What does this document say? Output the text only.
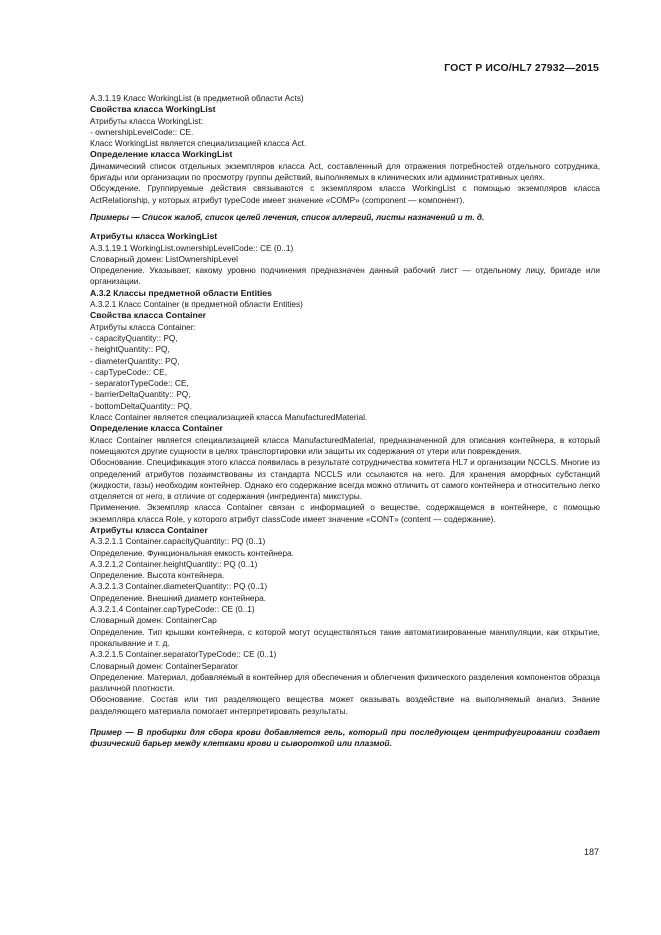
ГОСТ Р ИСО/HL7 27932—2015

A.3.1.19 Класс WorkingList (в предметной области Acts)

Свойства класса WorkingList

Атрибуты класса WorkingList:

- ownershipLevelCode:: CE.

Класс WorkingList является специализацией класса Act.

Определение класса WorkingList

Динамический список отдельных экземпляров класса Act, составленный для отражения потребностей отдельного сотрудника, бригады или организации по просмотру группы действий, выполняемых в клинических или административных целях.

Обсуждение. Группируемые действия связываются с экземпляром класса WorkingList с помощью экземпляров класса ActRelationship, у которых атрибут typeCode имеет значение «COMP» (component — компонент).

Примеры — Список жалоб, список целей лечения, список аллергий, листы назначений и т. д.

Атрибуты класса WorkingList

A.3.1.19.1 WorkingList.ownershipLevelCode:: CE (0..1)

Словарный домен: ListOwnershipLevel

Определение. Указывает, какому уровню подчинения предназначен данный рабочий лист — отдельному лицу, бригаде или организации.

A.3.2 Классы предметной области Entities

A.3.2.1 Класс Container (в предметной области Entities)

Свойства класса Container

Атрибуты класса Container:

- capacityQuantity:: PQ,

- heightQuantity:: PQ,

- diameterQuantity:: PQ,

- capTypeCode:: CE,

- separatorTypeCode:: CE,

- barrierDeltaQuantity:: PQ,

- bottomDeltaQuantity:: PQ.

Класс Container является специализацией класса ManufacturedMaterial.

Определение класса Container

Класс Container является специализацией класса ManufacturedMaterial, предназначенной для описания контейнера, в который помещаются другие сущности в целях транспортировки или защиты их содержания от утери или повреждения.

Обоснование. Спецификация этого класса появилась в результате сотрудничества комитета HL7 и организации NCCLS. Многие из определений атрибутов позаимствованы из стандарта NCCLS или ссылаются на него. Для хранения аморфных субстанций (жидкости, газы) необходим контейнер. Однако его содержание всегда можно отличить от самого контейнера и относительно легко отделяется от него, в отличие от содержания (ингредиента) микстуры.

Применение. Экземпляр класса Container связан с информацией о веществе, содержащемся в контейнере, с помощью экземпляра класса Role, у которого атрибут classCode имеет значение «CONT» (content — содержание).

Атрибуты класса Container

A.3.2.1.1 Container.capacityQuantity:: PQ (0..1)

Определение. Функциональная емкость контейнера.

A.3.2.1.2 Container.heightQuantity:: PQ (0..1)

Определение. Высота контейнера.

A.3.2.1.3 Container.diameterQuantity:: PQ (0..1)

Определение. Внешний диаметр контейнера.

A.3.2.1.4 Container.capTypeCode:: CE (0..1)

Словарный домен: ContainerCap

Определение. Тип крышки контейнера, с которой могут осуществляться такие автоматизированные манипуляции, как открытие, прокалывание и т. д.

A.3.2.1.5 Container.separatorTypeCode:: CE (0..1)

Словарный домен: ContainerSeparator

Определение. Материал, добавляемый в контейнер для обеспечения и облегчения физического разделения компонентов образца различной плотности.

Обоснование. Состав или тип разделяющего вещества может оказывать воздействие на выполняемый анализ. Знание разделяющего материала помогает интерпретировать результаты.

Пример — В пробирки для сбора крови добавляется гель, который при последующем центрифугировании создает физический барьер между клетками крови и сывороткой или плазмой.

187
